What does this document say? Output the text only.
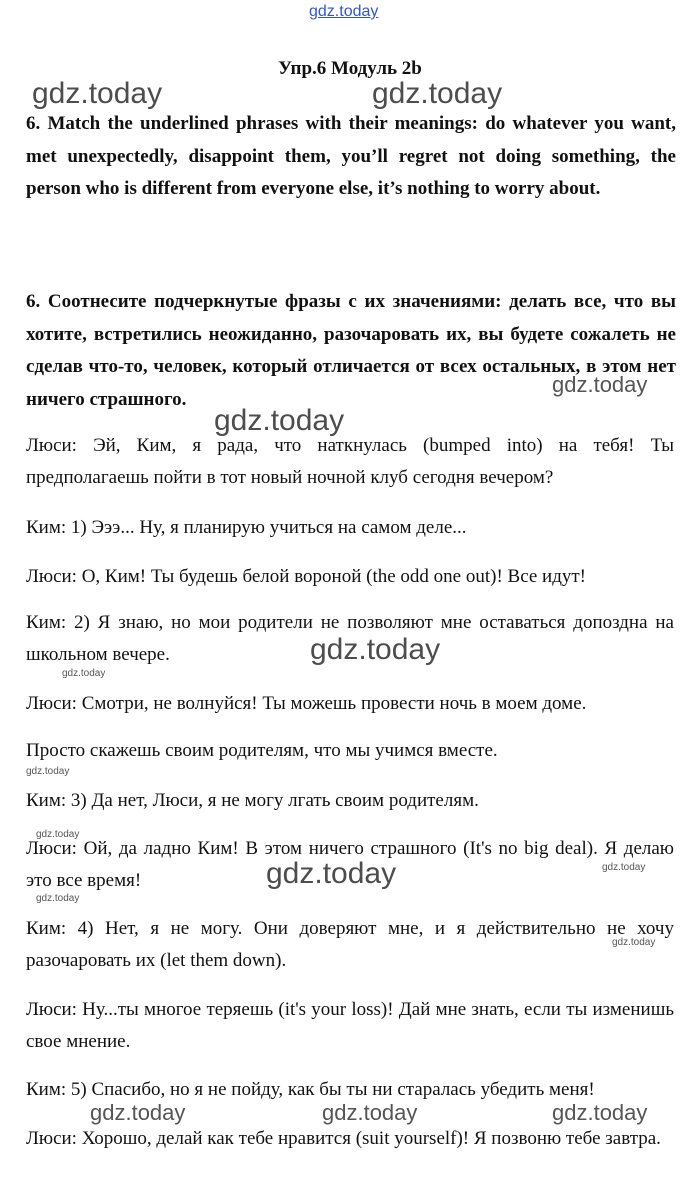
gdz.today
Упр.6 Модуль 2b
6. Match the underlined phrases with their meanings: do whatever you want, met unexpectedly, disappoint them, you’ll regret not doing something, the person who is different from everyone else, it’s nothing to worry about.
6. Соотнесите подчеркнутые фразы с их значениями: делать все, что вы хотите, встретились неожиданно, разочаровать их, вы будете сожалеть не сделав что-то, человек, который отличается от всех остальных, в этом нет ничего страшного.
Люси: Эй, Ким, я рада, что наткнулась (bumped into) на тебя! Ты предполагаешь пойти в тот новый ночной клуб сегодня вечером?
Ким: 1) Эээ... Ну, я планирую учиться на самом деле...
Люси: О, Ким! Ты будешь белой вороной (the odd one out)! Все идут!
Ким: 2) Я знаю, но мои родители не позволяют мне оставаться допоздна на школьном вечере.
Люси: Смотри, не волнуйся! Ты можешь провести ночь в моем доме.
Просто скажешь своим родителям, что мы учимся вместе.
Ким: 3) Да нет, Люси, я не могу лгать своим родителям.
Люси: Ой, да ладно Ким! В этом ничего страшного (It's no big deal). Я делаю это все время!
Ким: 4) Нет, я не могу. Они доверяют мне, и я действительно не хочу разочаровать их (let them down).
Люси: Ну...ты многое теряешь (it's your loss)! Дай мне знать, если ты изменишь свое мнение.
Ким: 5) Спасибо, но я не пойду, как бы ты ни старалась убедить меня!
Люси: Хорошо, делай как тебе нравится (suit yourself)! Я позвоню тебе завтра.
gdz.today	gdz.today
gdz.today
gdz.today
gdz.today
gdz.today
gdz.today
gdz.today
gdz.today
gdz.today
gdz.today
gdz.today
gdz.today	gdz.today	gdz.today
